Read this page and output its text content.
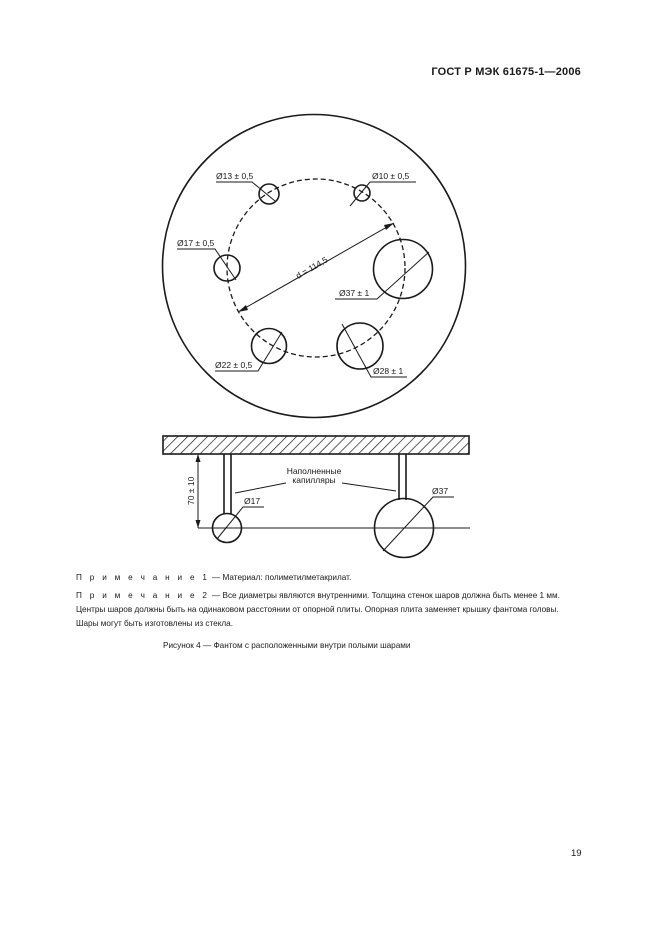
ГОСТ Р МЭК 61675-1—2006
Ø13 ± 0,5	Ø10 ± 0,5
Ø17 ± 0,5
d = 114,5
Ø37 ± 1
Ø22 ± 0,5
Ø28 ± 1
70 ± 10
Наполненные
капилляры
Ø17
Ø37
П р и м е ч а н и е 1 — Материал: полиметилметакрилат.
П р и м е ч а н и е 2 — Все диаметры являются внутренними. Толщина стенок шаров должна быть менее 1 мм. Центры шаров должны быть на одинаковом расстоянии от опорной плиты. Опорная плита заменяет крышку фантома головы. Шары могут быть изготовлены из стекла.
Рисунок 4 — Фантом с расположенными внутри полыми шарами
19
